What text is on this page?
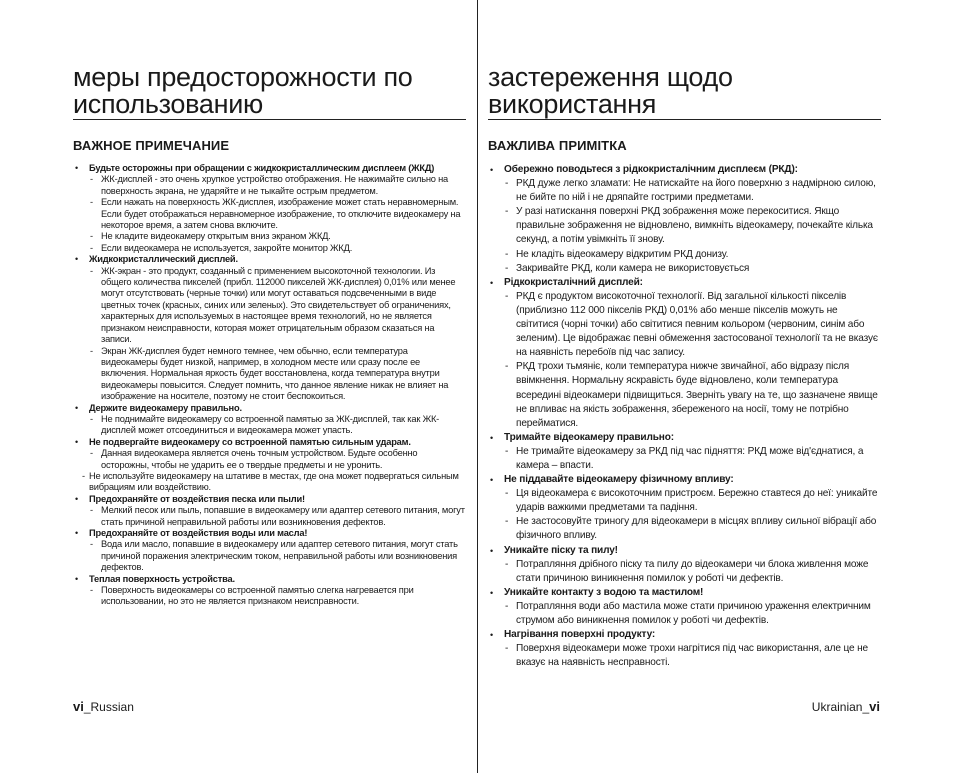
меры предосторожности по
использованию
ВАЖНОЕ ПРИМЕЧАНИЕ
• Будьте осторожны при обращении с жидкокристаллическим дисплеем (ЖКД)
- ЖК-дисплей - это очень хрупкое устройство отображения. Не нажимайте сильно на поверхность экрана, не ударяйте и не тыкайте острым предметом.
- Если нажать на поверхность ЖК-дисплея, изображение может стать неравномерным. Если будет отображаться неравномерное изображение, то отключите видеокамеру на некоторое время, а затем снова включите.
- Не кладите видеокамеру открытым вниз экраном ЖКД.
- Если видеокамера не используется, закройте монитор ЖКД.
• Жидкокристаллический дисплей.
- ЖК-экран - это продукт, созданный с применением высокоточной технологии. Из общего количества пикселей (прибл. 112000 пикселей ЖК-дисплея) 0,01% или менее могут отсутствовать (черные точки) или могут оставаться подсвеченными в виде цветных точек (красных, синих или зеленых). Это свидетельствует об ограничениях, характерных для используемых в настоящее время технологий, но не является признаком неисправности, которая может отрицательным образом сказаться на записи.
- Экран ЖК-дисплея будет немного темнее, чем обычно, если температура видеокамеры будет низкой, например, в холодном месте или сразу после ее включения. Нормальная яркость будет восстановлена, когда температура внутри видеокамеры повысится. Следует помнить, что данное явление никак не влияет на изображение на носителе, поэтому не стоит беспокоиться.
• Держите видеокамеру правильно.
- Не поднимайте видеокамеру со встроенной памятью за ЖК-дисплей, так как ЖК-дисплей может отсоединиться и видеокамера может упасть.
• Не подвергайте видеокамеру со встроенной памятью сильным ударам.
- Данная видеокамера является очень точным устройством. Будьте особенно осторожны, чтобы не ударить ее о твердые предметы и не уронить.
- Не используйте видеокамеру на штативе в местах, где она может подвергаться сильным вибрациям или воздействию.
• Предохраняйте от воздействия песка или пыли!
- Мелкий песок или пыль, попавшие в видеокамеру или адаптер сетевого питания, могут стать причиной неправильной работы или возникновения дефектов.
• Предохраняйте от воздействия воды или масла!
- Вода или масло, попавшие в видеокамеру или адаптер сетевого питания, могут стать причиной поражения электрическим током, неправильной работы или возникновения дефектов.
• Теплая поверхность устройства.
- Поверхность видеокамеры со встроенной памятью слегка нагревается при использовании, но это не является признаком неисправности.
застереження щодо
використання
ВАЖЛИВА ПРИМІТКА
• Обережно поводьтеся з рідкокристалічним дисплеєм (РКД):
- РКД дуже легко зламати: Не натискайте на його поверхню з надмірною силою, не бийте по ній і не дряпайте гострими предметами.
- У разі натискання поверхні РКД зображення може перекоситися. Якщо правильне зображення не відновлено, вимкніть відеокамеру, почекайте кілька секунд, а потім увімкніть її знову.
- Не кладіть відеокамеру відкритим РКД донизу.
- Закривайте РКД, коли камера не використовується
• Рідкокристалічний дисплей:
- РКД є продуктом високоточної технології. Від загальної кількості пікселів (приблизно 112 000 пікселів РКД) 0,01% або менше пікселів можуть не світитися (чорні точки) або світитися певним кольором (червоним, синім або зеленим). Це відображає певні обмеження застосованої технології та не вказує на наявність перебоїв під час запису.
- РКД трохи тьмяніє, коли температура нижче звичайної, або відразу після ввімкнення. Нормальну яскравість буде відновлено, коли температура всередині відеокамери підвищиться. Зверніть увагу на те, що зазначене явище не впливає на якість зображення, збереженого на носії, тому не потрібно перейматися.
• Тримайте відеокамеру правильно:
- Не тримайте відеокамеру за РКД під час підняття: РКД може від'єднатися, а камера – впасти.
• Не піддавайте відеокамеру фізичному впливу:
- Ця відеокамера є високоточним пристроєм. Бережно ставтеся до неї: уникайте ударів важкими предметами та падіння.
- Не застосовуйте триногу для відеокамери в місцях впливу сильної вібрації або фізичного впливу.
• Уникайте піску та пилу!
- Потрапляння дрібного піску та пилу до відеокамери чи блока живлення може стати причиною виникнення помилок у роботі чи дефектів.
• Уникайте контакту з водою та мастилом!
- Потрапляння води або мастила може стати причиною ураження електричним струмом або виникнення помилок у роботі чи дефектів.
• Нагрівання поверхні продукту:
- Поверхня відеокамери може трохи нагрітися під час використання, але це не вказує на наявність несправності.
vi_Russian	Ukrainian_vi
